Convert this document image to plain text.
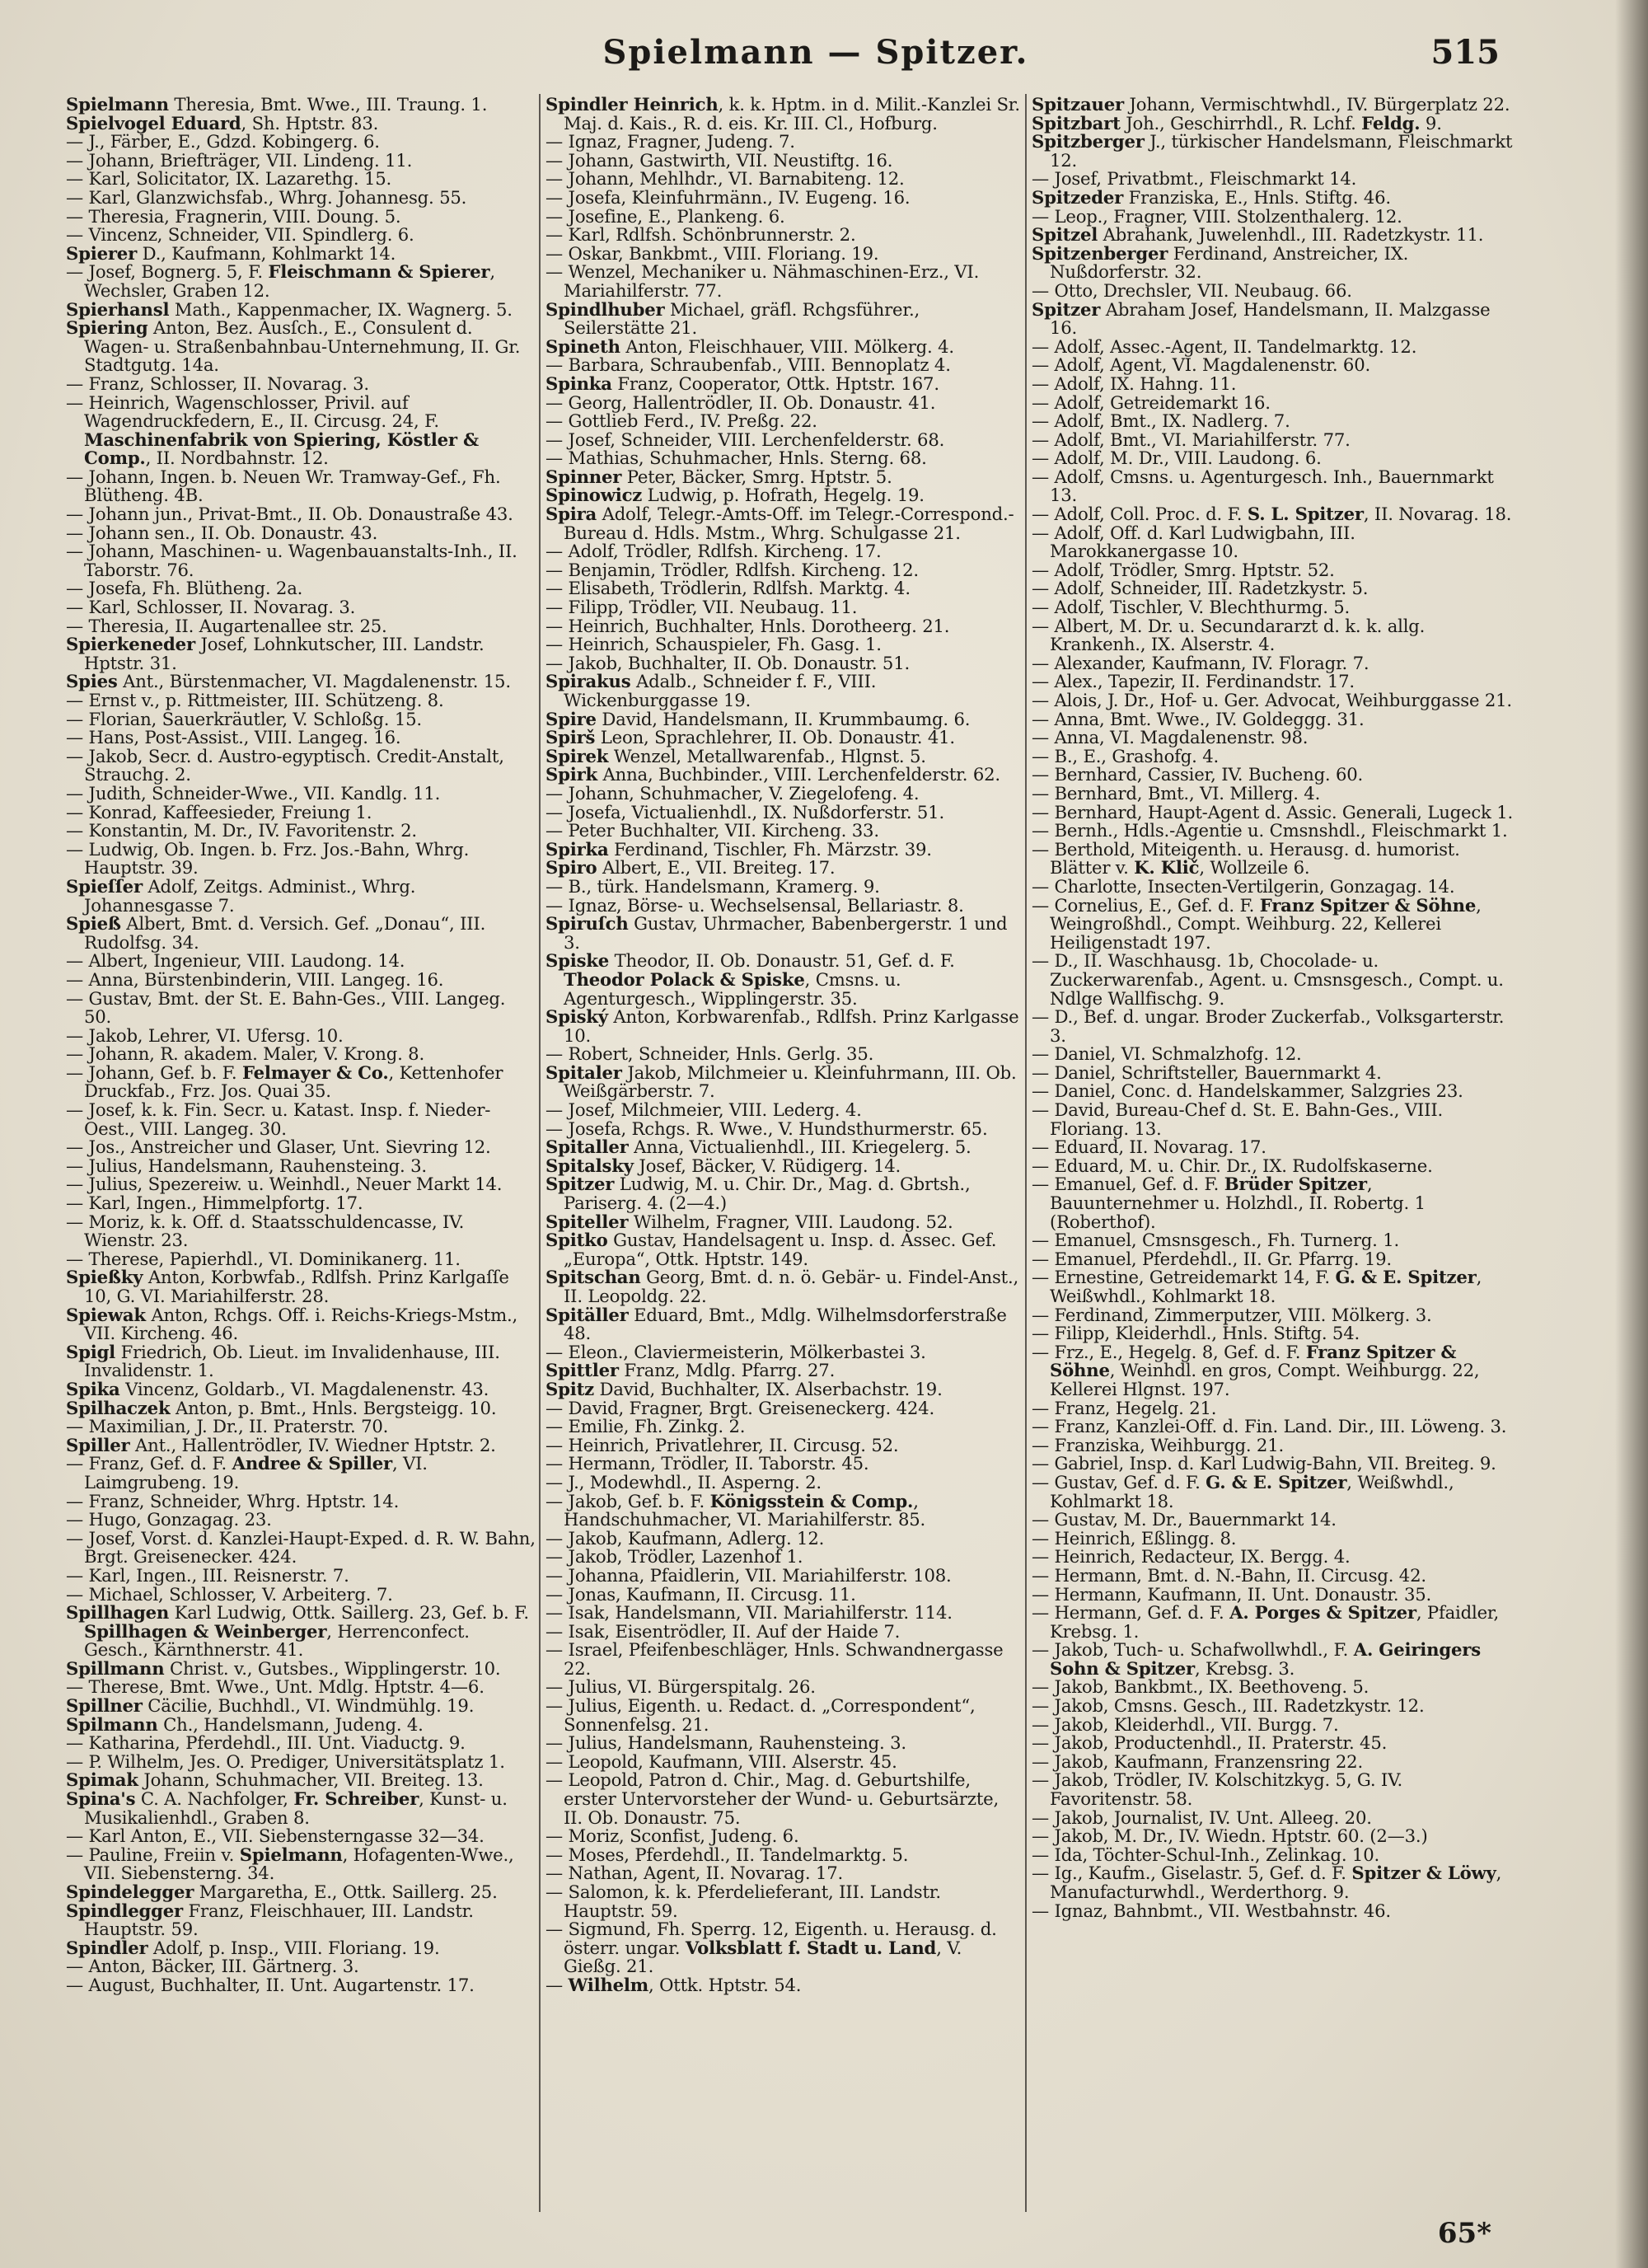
Spielmann — Spitzer.	515

Spielmann Theresia, Bmt. Wwe., III. Traung. 1.

Spielvogel Eduard, Sh. Hptstr. 83.

— J., Färber, E., Gdzd. Kobingerg. 6.

— Johann, Briefträger, VII. Lindeng. 11.

— Karl, Solicitator, IX. Lazarethg. 15.

— Karl, Glanzwichsfab., Whrg. Johannesg. 55.

— Theresia, Fragnerin, VIII. Doung. 5.

— Vincenz, Schneider, VII. Spindlerg. 6.

Spierer D., Kaufmann, Kohlmarkt 14.

— Josef, Bognerg. 5, F. Fleischmann & Spierer, Wechsler, Graben 12.

Spierhansl Math., Kappenmacher, IX. Wagnerg. 5.

Spiering Anton, Bez. Ausſch., E., Consulent d. Wagen- u. Straßenbahnbau-Unternehmung, II. Gr. Stadtgutg. 14a.

— Franz, Schlosser, II. Novarag. 3.

— Heinrich, Wagenschlosser, Privil. auf Wagendruckfedern, E., II. Circusg. 24, F. Maschinenfabrik von Spiering, Köstler & Comp., II. Nordbahnstr. 12.

— Johann, Ingen. b. Neuen Wr. Tramway-Gef., Fh. Blütheng. 4B.

— Johann jun., Privat-Bmt., II. Ob. Donaustraße 43.

— Johann sen., II. Ob. Donaustr. 43.

— Johann, Maschinen- u. Wagenbauanstalts-Inh., II. Taborstr. 76.

— Josefa, Fh. Blütheng. 2a.

— Karl, Schlosser, II. Novarag. 3.

— Theresia, II. Augartenallee str. 25.

Spierkeneder Josef, Lohnkutscher, III. Landstr. Hptstr. 31.

Spies Ant., Bürstenmacher, VI. Magdalenenstr. 15.

— Ernst v., p. Rittmeister, III. Schützeng. 8.

— Florian, Sauerkräutler, V. Schloßg. 15.

— Hans, Post-Assist., VIII. Langeg. 16.

— Jakob, Secr. d. Austro-egyptisch. Credit-Anstalt, Strauchg. 2.

— Judith, Schneider-Wwe., VII. Kandlg. 11.

— Konrad, Kaffeesieder, Freiung 1.

— Konstantin, M. Dr., IV. Favoritenstr. 2.

— Ludwig, Ob. Ingen. b. Frz. Jos.-Bahn, Whrg. Hauptstr. 39.

Spieſſer Adolf, Zeitgs. Administ., Whrg. Johannesgasse 7.

Spieß Albert, Bmt. d. Versich. Gef. „Donau“, III. Rudolfsg. 34.

— Albert, Ingenieur, VIII. Laudong. 14.

— Anna, Bürstenbinderin, VIII. Langeg. 16.

— Gustav, Bmt. der St. E. Bahn-Ges., VIII. Langeg. 50.

— Jakob, Lehrer, VI. Ufersg. 10.

— Johann, R. akadem. Maler, V. Krong. 8.

— Johann, Gef. b. F. Felmayer & Co., Kettenhofer Druckfab., Frz. Jos. Quai 35.

— Josef, k. k. Fin. Secr. u. Katast. Insp. f. Nieder-Oest., VIII. Langeg. 30.

— Jos., Anstreicher und Glaser, Unt. Sievring 12.

— Julius, Handelsmann, Rauhensteing. 3.

— Julius, Spezereiw. u. Weinhdl., Neuer Markt 14.

— Karl, Ingen., Himmelpfortg. 17.

— Moriz, k. k. Off. d. Staatsschuldencasse, IV. Wienstr. 23.

— Therese, Papierhdl., VI. Dominikanerg. 11.

Spießky Anton, Korbwfab., Rdlfsh. Prinz Karlgaſſe 10, G. VI. Mariahilferstr. 28.

Spiewak Anton, Rchgs. Off. i. Reichs-Kriegs-Mstm., VII. Kircheng. 46.

Spigl Friedrich, Ob. Lieut. im Invalidenhause, III. Invalidenstr. 1.

Spika Vincenz, Goldarb., VI. Magdalenenstr. 43.

Spilhaczek Anton, p. Bmt., Hnls. Bergsteigg. 10.

— Maximilian, J. Dr., II. Praterstr. 70.

Spiller Ant., Hallentrödler, IV. Wiedner Hptstr. 2.

— Franz, Gef. d. F. Andree & Spiller, VI. Laimgrubeng. 19.

— Franz, Schneider, Whrg. Hptstr. 14.

— Hugo, Gonzagag. 23.

— Josef, Vorst. d. Kanzlei-Haupt-Exped. d. R. W. Bahn, Brgt. Greisenecker. 424.

— Karl, Ingen., III. Reisnerstr. 7.

— Michael, Schlosser, V. Arbeiterg. 7.

Spillhagen Karl Ludwig, Ottk. Saillerg. 23, Gef. b. F. Spillhagen & Weinberger, Herrenconfect. Gesch., Kärnthnerstr. 41.

Spillmann Christ. v., Gutsbes., Wipplingerstr. 10.

— Therese, Bmt. Wwe., Unt. Mdlg. Hptstr. 4—6.

Spillner Cäcilie, Buchhdl., VI. Windmühlg. 19.

Spilmann Ch., Handelsmann, Judeng. 4.

— Katharina, Pferdehdl., III. Unt. Viaductg. 9.

— P. Wilhelm, Jes. O. Prediger, Universitätsplatz 1.

Spimak Johann, Schuhmacher, VII. Breiteg. 13.

Spina's C. A. Nachfolger, Fr. Schreiber, Kunst- u. Musikalienhdl., Graben 8.

— Karl Anton, E., VII. Siebensterngasse 32—34.

— Pauline, Freiin v. Spielmann, Hofagenten-Wwe., VII. Siebensterng. 34.

Spindelegger Margaretha, E., Ottk. Saillerg. 25.

Spindlegger Franz, Fleischhauer, III. Landstr. Hauptstr. 59.

Spindler Adolf, p. Insp., VIII. Floriang. 19.

— Anton, Bäcker, III. Gärtnerg. 3.

— August, Buchhalter, II. Unt. Augartenstr. 17.

Spindler Heinrich, k. k. Hptm. in d. Milit.-Kanzlei Sr. Maj. d. Kais., R. d. eis. Kr. III. Cl., Hofburg.

— Ignaz, Fragner, Judeng. 7.

— Johann, Gastwirth, VII. Neustiftg. 16.

— Johann, Mehlhdr., VI. Barnabiteng. 12.

— Josefa, Kleinfuhrmänn., IV. Eugeng. 16.

— Josefine, E., Plankeng. 6.

— Karl, Rdlfsh. Schönbrunnerstr. 2.

— Oskar, Bankbmt., VIII. Floriang. 19.

— Wenzel, Mechaniker u. Nähmaschinen-Erz., VI. Mariahilferstr. 77.

Spindlhuber Michael, gräfl. Rchgsführer., Seilerstätte 21.

Spineth Anton, Fleischhauer, VIII. Mölkerg. 4.

— Barbara, Schraubenfab., VIII. Bennoplatz 4.

Spinka Franz, Cooperator, Ottk. Hptstr. 167.

— Georg, Hallentrödler, II. Ob. Donaustr. 41.

— Gottlieb Ferd., IV. Preßg. 22.

— Josef, Schneider, VIII. Lerchenfelderstr. 68.

— Mathias, Schuhmacher, Hnls. Sterng. 68.

Spinner Peter, Bäcker, Smrg. Hptstr. 5.

Spinowicz Ludwig, p. Hofrath, Hegelg. 19.

Spira Adolf, Telegr.-Amts-Off. im Telegr.-Correspond.-Bureau d. Hdls. Mstm., Whrg. Schulgasse 21.

— Adolf, Trödler, Rdlfsh. Kircheng. 17.

— Benjamin, Trödler, Rdlfsh. Kircheng. 12.

— Elisabeth, Trödlerin, Rdlfsh. Marktg. 4.

— Filipp, Trödler, VII. Neubaug. 11.

— Heinrich, Buchhalter, Hnls. Dorotheerg. 21.

— Heinrich, Schauspieler, Fh. Gasg. 1.

— Jakob, Buchhalter, II. Ob. Donaustr. 51.

Spirakus Adalb., Schneider f. F., VIII. Wickenburggasse 19.

Spire David, Handelsmann, II. Krummbaumg. 6.

Spirš Leon, Sprachlehrer, II. Ob. Donaustr. 41.

Spirek Wenzel, Metallwarenfab., Hlgnst. 5.

Spirk Anna, Buchbinder., VIII. Lerchenfelderstr. 62.

— Johann, Schuhmacher, V. Ziegelofeng. 4.

— Josefa, Victualienhdl., IX. Nußdorferstr. 51.

— Peter Buchhalter, VII. Kircheng. 33.

Spirka Ferdinand, Tischler, Fh. Märzstr. 39.

Spiro Albert, E., VII. Breiteg. 17.

— B., türk. Handelsmann, Kramerg. 9.

— Ignaz, Börse- u. Wechselsensal, Bellariastr. 8.

Spiruſch Gustav, Uhrmacher, Babenbergerstr. 1 und 3.

Spiske Theodor, II. Ob. Donaustr. 51, Gef. d. F. Theodor Polack & Spiske, Cmsns. u. Agenturgesch., Wipplingerstr. 35.

Spiský Anton, Korbwarenfab., Rdlfsh. Prinz Karlgasse 10.

— Robert, Schneider, Hnls. Gerlg. 35.

Spitaler Jakob, Milchmeier u. Kleinfuhrmann, III. Ob. Weißgärberstr. 7.

— Josef, Milchmeier, VIII. Lederg. 4.

— Josefa, Rchgs. R. Wwe., V. Hundsthurmerstr. 65.

Spitaller Anna, Victualienhdl., III. Kriegelerg. 5.

Spitalsky Josef, Bäcker, V. Rüdigerg. 14.

Spitzer Ludwig, M. u. Chir. Dr., Mag. d. Gbrtsh., Pariserg. 4. (2—4.)

Spiteller Wilhelm, Fragner, VIII. Laudong. 52.

Spitko Gustav, Handelsagent u. Insp. d. Assec. Gef. „Europa“, Ottk. Hptstr. 149.

Spitschan Georg, Bmt. d. n. ö. Gebär- u. Findel-Anst., II. Leopoldg. 22.

Spitäller Eduard, Bmt., Mdlg. Wilhelmsdorferstraße 48.

— Eleon., Claviermeisterin, Mölkerbastei 3.

Spittler Franz, Mdlg. Pfarrg. 27.

Spitz David, Buchhalter, IX. Alserbachstr. 19.

— David, Fragner, Brgt. Greiseneckerg. 424.

— Emilie, Fh. Zinkg. 2.

— Heinrich, Privatlehrer, II. Circusg. 52.

— Hermann, Trödler, II. Taborstr. 45.

— J., Modewhdl., II. Asperng. 2.

— Jakob, Gef. b. F. Königsstein & Comp., Handschuhmacher, VI. Mariahilferstr. 85.

— Jakob, Kaufmann, Adlerg. 12.

— Jakob, Trödler, Lazenhof 1.

— Johanna, Pfaidlerin, VII. Mariahilferstr. 108.

— Jonas, Kaufmann, II. Circusg. 11.

— Isak, Handelsmann, VII. Mariahilferstr. 114.

— Isak, Eisentrödler, II. Auf der Haide 7.

— Israel, Pfeifenbeschläger, Hnls. Schwandnergasse 22.

— Julius, VI. Bürgerspitalg. 26.

— Julius, Eigenth. u. Redact. d. „Correspondent“, Sonnenfelsg. 21.

— Julius, Handelsmann, Rauhensteing. 3.

— Leopold, Kaufmann, VIII. Alserstr. 45.

— Leopold, Patron d. Chir., Mag. d. Geburtshilfe, erster Untervorsteher der Wund- u. Geburtsärzte, II. Ob. Donaustr. 75.

— Moriz, Sconfist, Judeng. 6.

— Moses, Pferdehdl., II. Tandelmarktg. 5.

— Nathan, Agent, II. Novarag. 17.

— Salomon, k. k. Pferdelieferant, III. Landstr. Hauptstr. 59.

— Sigmund, Fh. Sperrg. 12, Eigenth. u. Herausg. d. österr. ungar. Volksblatt f. Stadt u. Land, V. Gießg. 21.

— Wilhelm, Ottk. Hptstr. 54.

Spitzauer Johann, Vermischtwhdl., IV. Bürgerplatz 22.

Spitzbart Joh., Geschirrhdl., R. Lchf. Feldg. 9.

Spitzberger J., türkischer Handelsmann, Fleischmarkt 12.

— Josef, Privatbmt., Fleischmarkt 14.

Spitzeder Franziska, E., Hnls. Stiftg. 46.

— Leop., Fragner, VIII. Stolzenthalerg. 12.

Spitzel Abrahank, Juwelenhdl., III. Radetzkystr. 11.

Spitzenberger Ferdinand, Anstreicher, IX. Nußdorferstr. 32.

— Otto, Drechsler, VII. Neubaug. 66.

Spitzer Abraham Josef, Handelsmann, II. Malzgasse 16.

— Adolf, Assec.-Agent, II. Tandelmarktg. 12.

— Adolf, Agent, VI. Magdalenenstr. 60.

— Adolf, IX. Hahng. 11.

— Adolf, Getreidemarkt 16.

— Adolf, Bmt., IX. Nadlerg. 7.

— Adolf, Bmt., VI. Mariahilferstr. 77.

— Adolf, M. Dr., VIII. Laudong. 6.

— Adolf, Cmsns. u. Agenturgesch. Inh., Bauernmarkt 13.

— Adolf, Coll. Proc. d. F. S. L. Spitzer, II. Novarag. 18.

— Adolf, Off. d. Karl Ludwigbahn, III. Marokkanergasse 10.

— Adolf, Trödler, Smrg. Hptstr. 52.

— Adolf, Schneider, III. Radetzkystr. 5.

— Adolf, Tischler, V. Blechthurmg. 5.

— Albert, M. Dr. u. Secundararzt d. k. k. allg. Krankenh., IX. Alserstr. 4.

— Alexander, Kaufmann, IV. Floragr. 7.

— Alex., Tapezir, II. Ferdinandstr. 17.

— Alois, J. Dr., Hof- u. Ger. Advocat, Weihburggasse 21.

— Anna, Bmt. Wwe., IV. Goldeggg. 31.

— Anna, VI. Magdalenenstr. 98.

— B., E., Grashofg. 4.

— Bernhard, Cassier, IV. Bucheng. 60.

— Bernhard, Bmt., VI. Millerg. 4.

— Bernhard, Haupt-Agent d. Assic. Generali, Lugeck 1.

— Bernh., Hdls.-Agentie u. Cmsnshdl., Fleischmarkt 1.

— Berthold, Miteigenth. u. Herausg. d. humorist. Blätter v. K. Klič, Wollzeile 6.

— Charlotte, Insecten-Vertilgerin, Gonzagag. 14.

— Cornelius, E., Gef. d. F. Franz Spitzer & Söhne, Weingroßhdl., Compt. Weihburg. 22, Kellerei Heiligenstadt 197.

— D., II. Waschhausg. 1b, Chocolade- u. Zuckerwarenfab., Agent. u. Cmsnsgesch., Compt. u. Ndlge Wallfischg. 9.

— D., Bef. d. ungar. Broder Zuckerfab., Volksgarterstr. 3.

— Daniel, VI. Schmalzhofg. 12.

— Daniel, Schriftsteller, Bauernmarkt 4.

— Daniel, Conc. d. Handelskammer, Salzgries 23.

— David, Bureau-Chef d. St. E. Bahn-Ges., VIII. Floriang. 13.

— Eduard, II. Novarag. 17.

— Eduard, M. u. Chir. Dr., IX. Rudolfskaserne.

— Emanuel, Gef. d. F. Brüder Spitzer, Bauunternehmer u. Holzhdl., II. Robertg. 1 (Roberthof).

— Emanuel, Cmsnsgesch., Fh. Turnerg. 1.

— Emanuel, Pferdehdl., II. Gr. Pfarrg. 19.

— Ernestine, Getreidemarkt 14, F. G. & E. Spitzer, Weißwhdl., Kohlmarkt 18.

— Ferdinand, Zimmerputzer, VIII. Mölkerg. 3.

— Filipp, Kleiderhdl., Hnls. Stiftg. 54.

— Frz., E., Hegelg. 8, Gef. d. F. Franz Spitzer & Söhne, Weinhdl. en gros, Compt. Weihburgg. 22, Kellerei Hlgnst. 197.

— Franz, Hegelg. 21.

— Franz, Kanzlei-Off. d. Fin. Land. Dir., III. Löweng. 3.

— Franziska, Weihburgg. 21.

— Gabriel, Insp. d. Karl Ludwig-Bahn, VII. Breiteg. 9.

— Gustav, Gef. d. F. G. & E. Spitzer, Weißwhdl., Kohlmarkt 18.

— Gustav, M. Dr., Bauernmarkt 14.

— Heinrich, Eßlingg. 8.

— Heinrich, Redacteur, IX. Bergg. 4.

— Hermann, Bmt. d. N.-Bahn, II. Circusg. 42.

— Hermann, Kaufmann, II. Unt. Donaustr. 35.

— Hermann, Gef. d. F. A. Porges & Spitzer, Pfaidler, Krebsg. 1.

— Jakob, Tuch- u. Schafwollwhdl., F. A. Geiringers Sohn & Spitzer, Krebsg. 3.

— Jakob, Bankbmt., IX. Beethoveng. 5.

— Jakob, Cmsns. Gesch., III. Radetzkystr. 12.

— Jakob, Kleiderhdl., VII. Burgg. 7.

— Jakob, Productenhdl., II. Praterstr. 45.

— Jakob, Kaufmann, Franzensring 22.

— Jakob, Trödler, IV. Kolschitzkyg. 5, G. IV. Favoritenstr. 58.

— Jakob, Journalist, IV. Unt. Alleeg. 20.

— Jakob, M. Dr., IV. Wiedn. Hptstr. 60. (2—3.)

— Ida, Töchter-Schul-Inh., Zelinkag. 10.

— Ig., Kaufm., Giselastr. 5, Gef. d. F. Spitzer & Löwy, Manufacturwhdl., Werderthorg. 9.

— Ignaz, Bahnbmt., VII. Westbahnstr. 46.

65*
